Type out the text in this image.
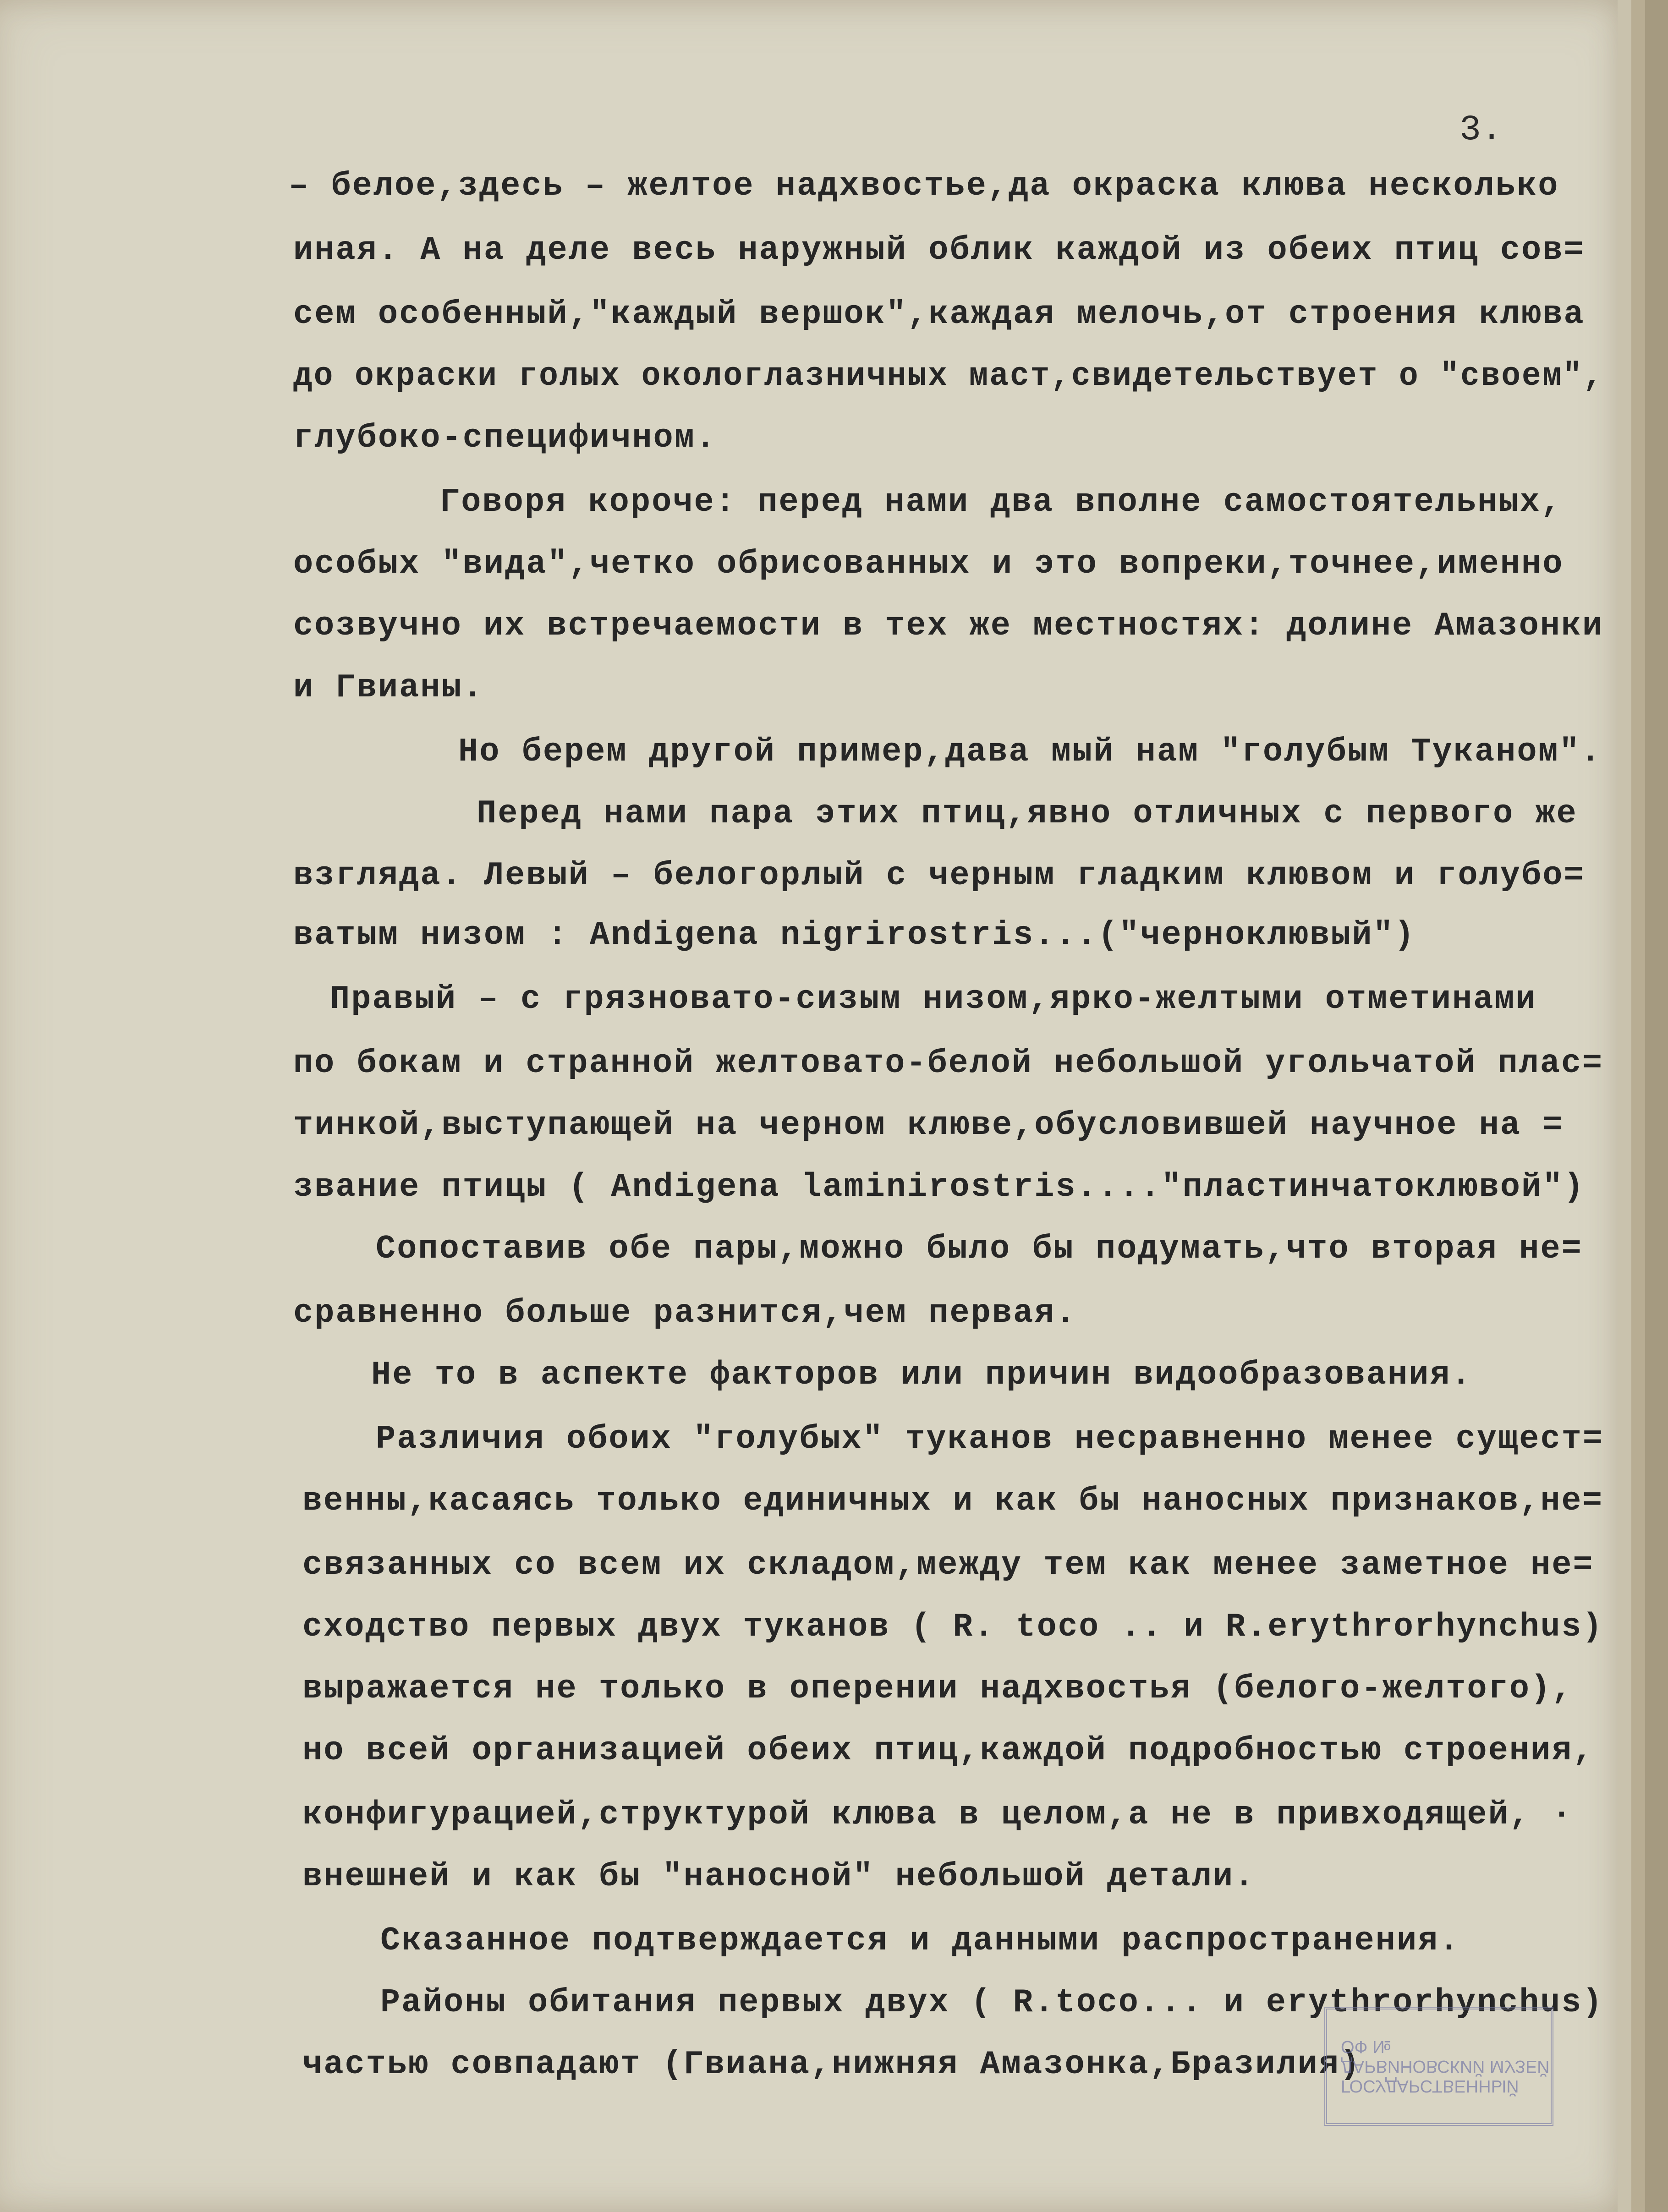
3.
– белое,здесь – желтое надхвостье,да окраска клюва несколько
иная. А на деле весь наружный облик каждой из обеих птиц сов=
сем особенный,"каждый вершок",каждая мелочь,от строения клюва
до окраски голых окологлазничных маст,свидетельствует о "своем",
глубоко-специфичном.
Говоря короче: перед нами два вполне самостоятельных,
особых "вида",четко обрисованных и это вопреки,точнее,именно
созвучно их встречаемости в тех же местностях: долине Амазонки
и Гвианы.
Но берем другой пример,дава мый нам "голубым Туканом".
Перед нами пара этих птиц,явно отличных с первого же
взгляда. Левый – белогорлый с черным гладким клювом и голубо=
ватым низом : Andigena nigrirostris...("черноклювый")
Правый – с грязновато-сизым низом,ярко-желтыми отметинами
по бокам и странной желтовато-белой небольшой угольчатой плас=
тинкой,выступающей на черном клюве,обусловившей научное на =
звание птицы ( Andigena laminirostris...."пластинчатоклювой")
Сопоставив обе пары,можно было бы подумать,что вторая не=
сравненно больше разнится,чем первая.
Не то в аспекте факторов или причин видообразования.
Различия обоих "голубых" туканов несравненно менее сущест=
венны,касаясь только единичных и как бы наносных признаков,не=
связанных со всем их складом,между тем как менее заметное не=
сходство первых двух туканов ( R. toco .. и R.erythrorhynchus)
выражается не только в оперении надхвостья (белого-желтого),
но всей организацией обеих птиц,каждой подробностью строения,
конфигурацией,структурой клюва в целом,а не в привходящей, ·
внешней и как бы "наносной" небольшой детали.
Сказанное подтверждается и данными распространения.
Районы обитания первых двух ( R.toco... и erythrorhynchus)
частью совпадают (Гвиана,нижняя Амазонка,Бразилия)
ГОСУДАРСТВЕННЫЙ
ДАРВИНОВСКИЙ МУЗЕЙ
ОФ №
